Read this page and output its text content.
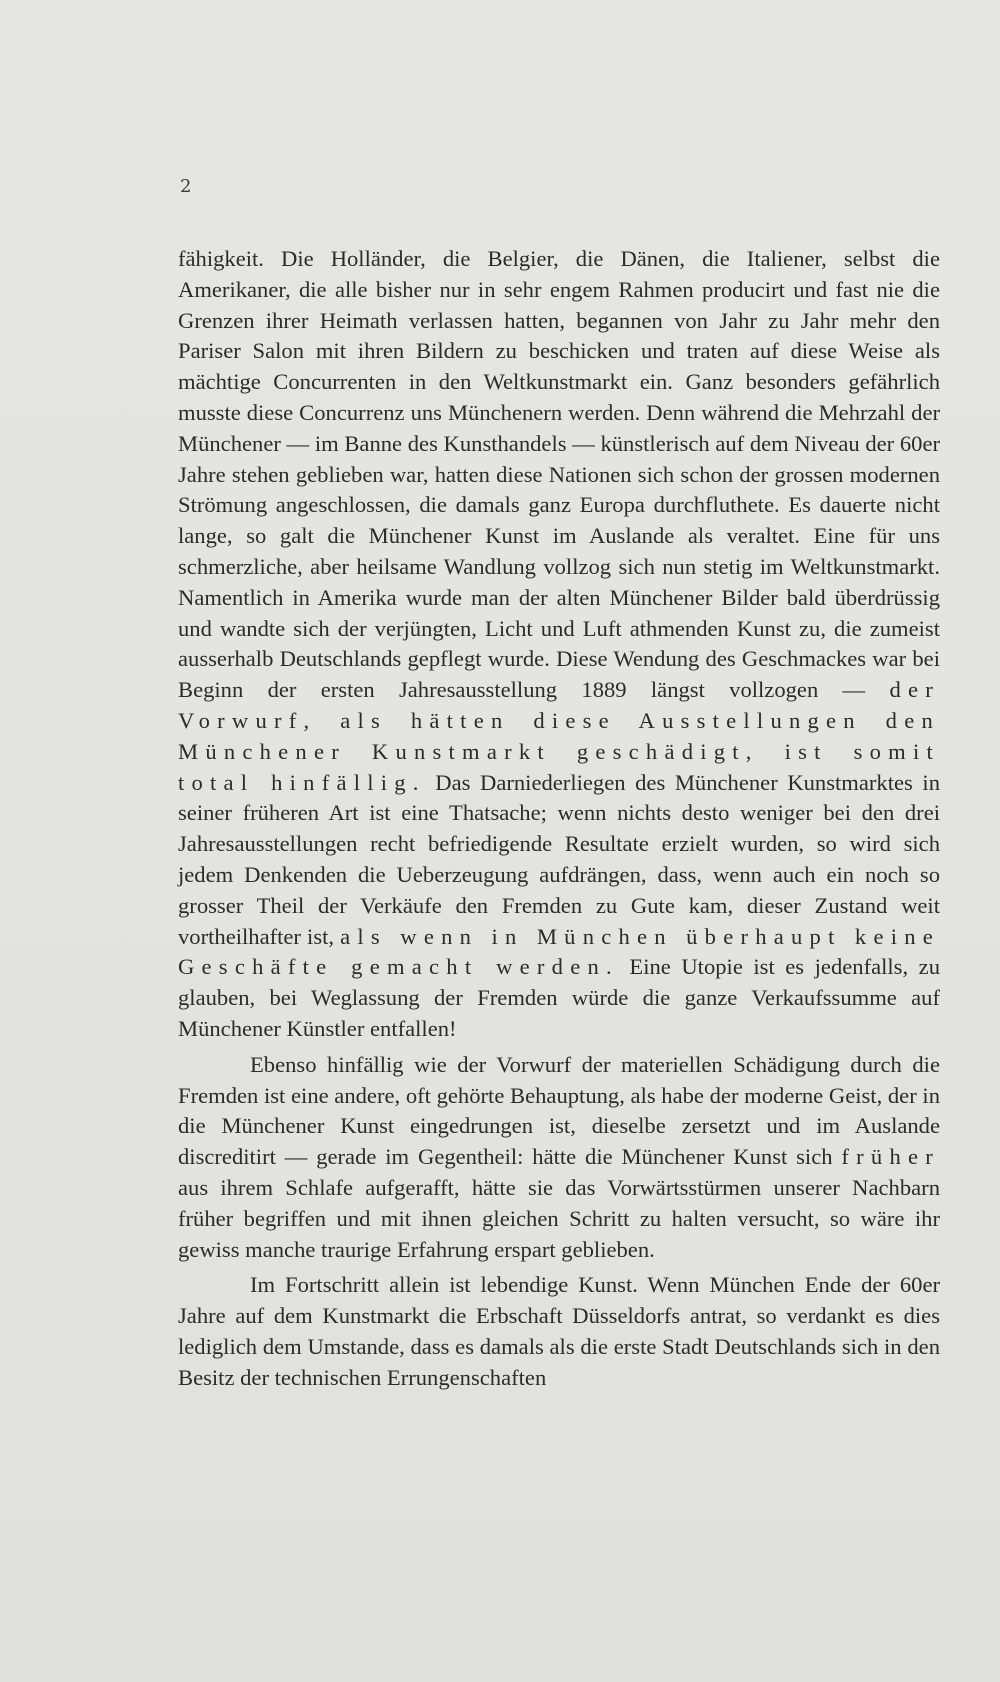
2

fähigkeit. Die Holländer, die Belgier, die Dänen, die Italiener, selbst die Amerikaner, die alle bisher nur in sehr engem Rahmen producirt und fast nie die Grenzen ihrer Heimath verlassen hatten, begannen von Jahr zu Jahr mehr den Pariser Salon mit ihren Bildern zu beschicken und traten auf diese Weise als mächtige Concurrenten in den Weltkunstmarkt ein. Ganz besonders gefährlich musste diese Concurrenz uns Münchenern werden. Denn während die Mehrzahl der Münchener — im Banne des Kunsthandels — künstlerisch auf dem Niveau der 60er Jahre stehen geblieben war, hatten diese Nationen sich schon der grossen modernen Strömung angeschlossen, die damals ganz Europa durchfluthete. Es dauerte nicht lange, so galt die Münchener Kunst im Auslande als veraltet. Eine für uns schmerzliche, aber heilsame Wandlung vollzog sich nun stetig im Weltkunstmarkt. Namentlich in Amerika wurde man der alten Münchener Bilder bald überdrüssig und wandte sich der verjüngten, Licht und Luft athmenden Kunst zu, die zumeist ausserhalb Deutschlands gepflegt wurde. Diese Wendung des Geschmackes war bei Beginn der ersten Jahresausstellung 1889 längst vollzogen — der Vorwurf, als hätten diese Ausstellungen den Münchener Kunstmarkt geschädigt, ist somit total hinfällig. Das Darniederliegen des Münchener Kunstmarktes in seiner früheren Art ist eine Thatsache; wenn nichts desto weniger bei den drei Jahresausstellungen recht befriedigende Resultate erzielt wurden, so wird sich jedem Denkenden die Ueberzeugung aufdrängen, dass, wenn auch ein noch so grosser Theil der Verkäufe den Fremden zu Gute kam, dieser Zustand weit vortheilhafter ist, als wenn in München überhaupt keine Geschäfte gemacht werden. Eine Utopie ist es jedenfalls, zu glauben, bei Weglassung der Fremden würde die ganze Verkaufssumme auf Münchener Künstler entfallen!

Ebenso hinfällig wie der Vorwurf der materiellen Schädigung durch die Fremden ist eine andere, oft gehörte Behauptung, als habe der moderne Geist, der in die Münchener Kunst eingedrungen ist, dieselbe zersetzt und im Auslande discreditirt — gerade im Gegentheil: hätte die Münchener Kunst sich früher aus ihrem Schlafe aufgerafft, hätte sie das Vorwärtsstürmen unserer Nachbarn früher begriffen und mit ihnen gleichen Schritt zu halten versucht, so wäre ihr gewiss manche traurige Erfahrung erspart geblieben.

Im Fortschritt allein ist lebendige Kunst. Wenn München Ende der 60er Jahre auf dem Kunstmarkt die Erbschaft Düsseldorfs antrat, so verdankt es dies lediglich dem Umstande, dass es damals als die erste Stadt Deutschlands sich in den Besitz der technischen Errungenschaften
